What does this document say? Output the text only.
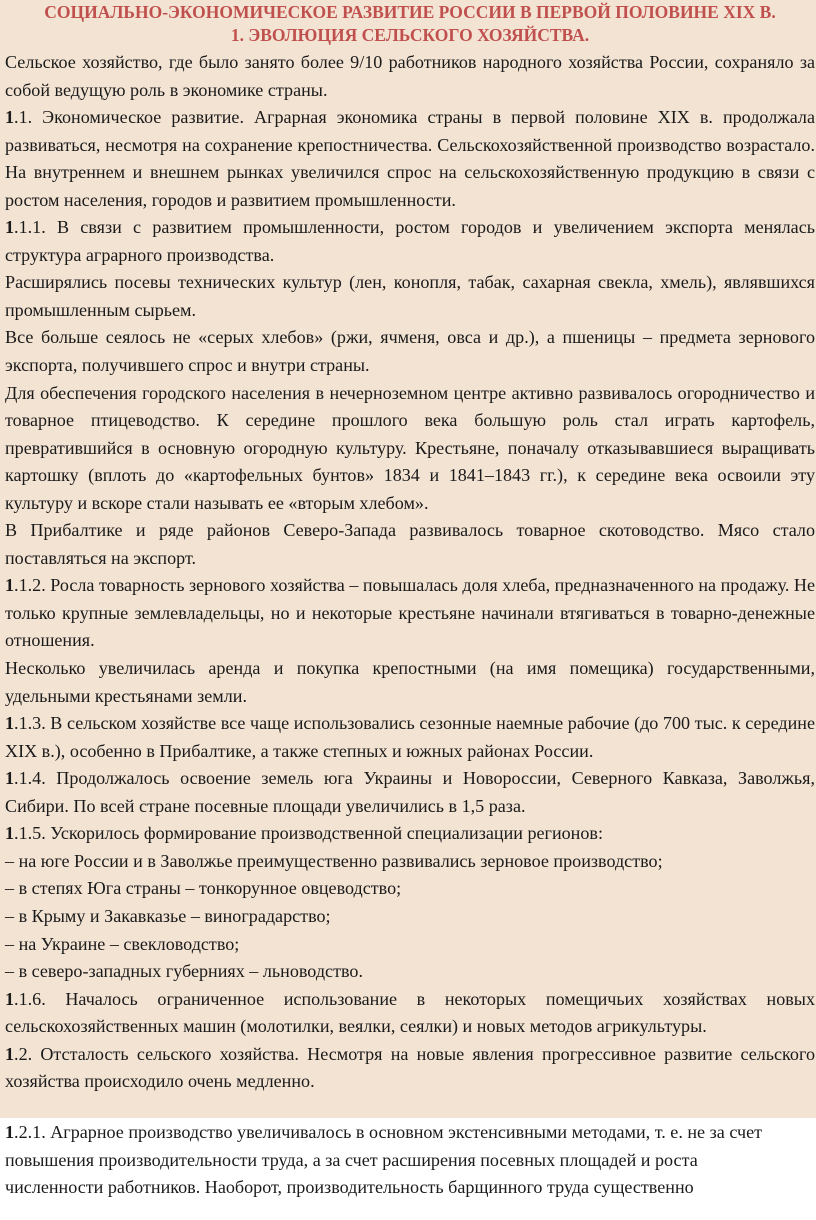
СОЦИАЛЬНО-ЭКОНОМИЧЕСКОЕ РАЗВИТИЕ РОССИИ В ПЕРВОЙ ПОЛОВИНЕ XIX В.
1. ЭВОЛЮЦИЯ СЕЛЬСКОГО ХОЗЯЙСТВА.

Сельское хозяйство, где было занято более 9/10 работников народного хозяйства России, сохраняло за собой ведущую роль в экономике страны.

1.1. Экономическое развитие. Аграрная экономика страны в первой половине XIX в. продолжала развиваться, несмотря на сохранение крепостничества. Сельскохозяйственной производство возрастало. На внутреннем и внешнем рынках увеличился спрос на сельскохозяйственную продукцию в связи с ростом населения, городов и развитием промышленности.

1.1.1. В связи с развитием промышленности, ростом городов и увеличением экспорта менялась структура аграрного производства.

Расширялись посевы технических культур (лен, конопля, табак, сахарная свекла, хмель), являвшихся промышленным сырьем.

Все больше сеялось не «серых хлебов» (ржи, ячменя, овса и др.), а пшеницы – предмета зернового экспорта, получившего спрос и внутри страны.

Для обеспечения городского населения в нечерноземном центре активно развивалось огородничество и товарное птицеводство. К середине прошлого века большую роль стал играть картофель, превратившийся в основную огородную культуру. Крестьяне, поначалу отказывавшиеся выращивать картошку (вплоть до «картофельных бунтов» 1834 и 1841–1843 гг.), к середине века освоили эту культуру и вскоре стали называть ее «вторым хлебом».

В Прибалтике и ряде районов Северо-Запада развивалось товарное скотоводство. Мясо стало поставляться на экспорт.

1.1.2. Росла товарность зернового хозяйства – повышалась доля хлеба, предназначенного на продажу. Не только крупные землевладельцы, но и некоторые крестьяне начинали втягиваться в товарно-денежные отношения.

Несколько увеличилась аренда и покупка крепостными (на имя помещика) государственными, удельными крестьянами земли.

1.1.3. В сельском хозяйстве все чаще использовались сезонные наемные рабочие (до 700 тыс. к середине XIX в.), особенно в Прибалтике, а также степных и южных районах России.

1.1.4. Продолжалось освоение земель юга Украины и Новороссии, Северного Кавказа, Заволжья, Сибири. По всей стране посевные площади увеличились в 1,5 раза.

1.1.5. Ускорилось формирование производственной специализации регионов:

– на юге России и в Заволжье преимущественно развивались зерновое производство;

– в степях Юга страны – тонкорунное овцеводство;

– в Крыму и Закавказье – виноградарство;

– на Украине – свекловодство;

– в северо-западных губерниях – льноводство.

1.1.6. Началось ограниченное использование в некоторых помещичьих хозяйствах новых сельскохозяйственных машин (молотилки, веялки, сеялки) и новых методов агрикультуры.

1.2. Отсталость сельского хозяйства. Несмотря на новые явления прогрессивное развитие сельского хозяйства происходило очень медленно.

1.2.1. Аграрное производство увеличивалось в основном экстенсивными методами, т. е. не за счет повышения производительности труда, а за счет расширения посевных площадей и роста численности работников. Наоборот, производительность барщинного труда существенно
